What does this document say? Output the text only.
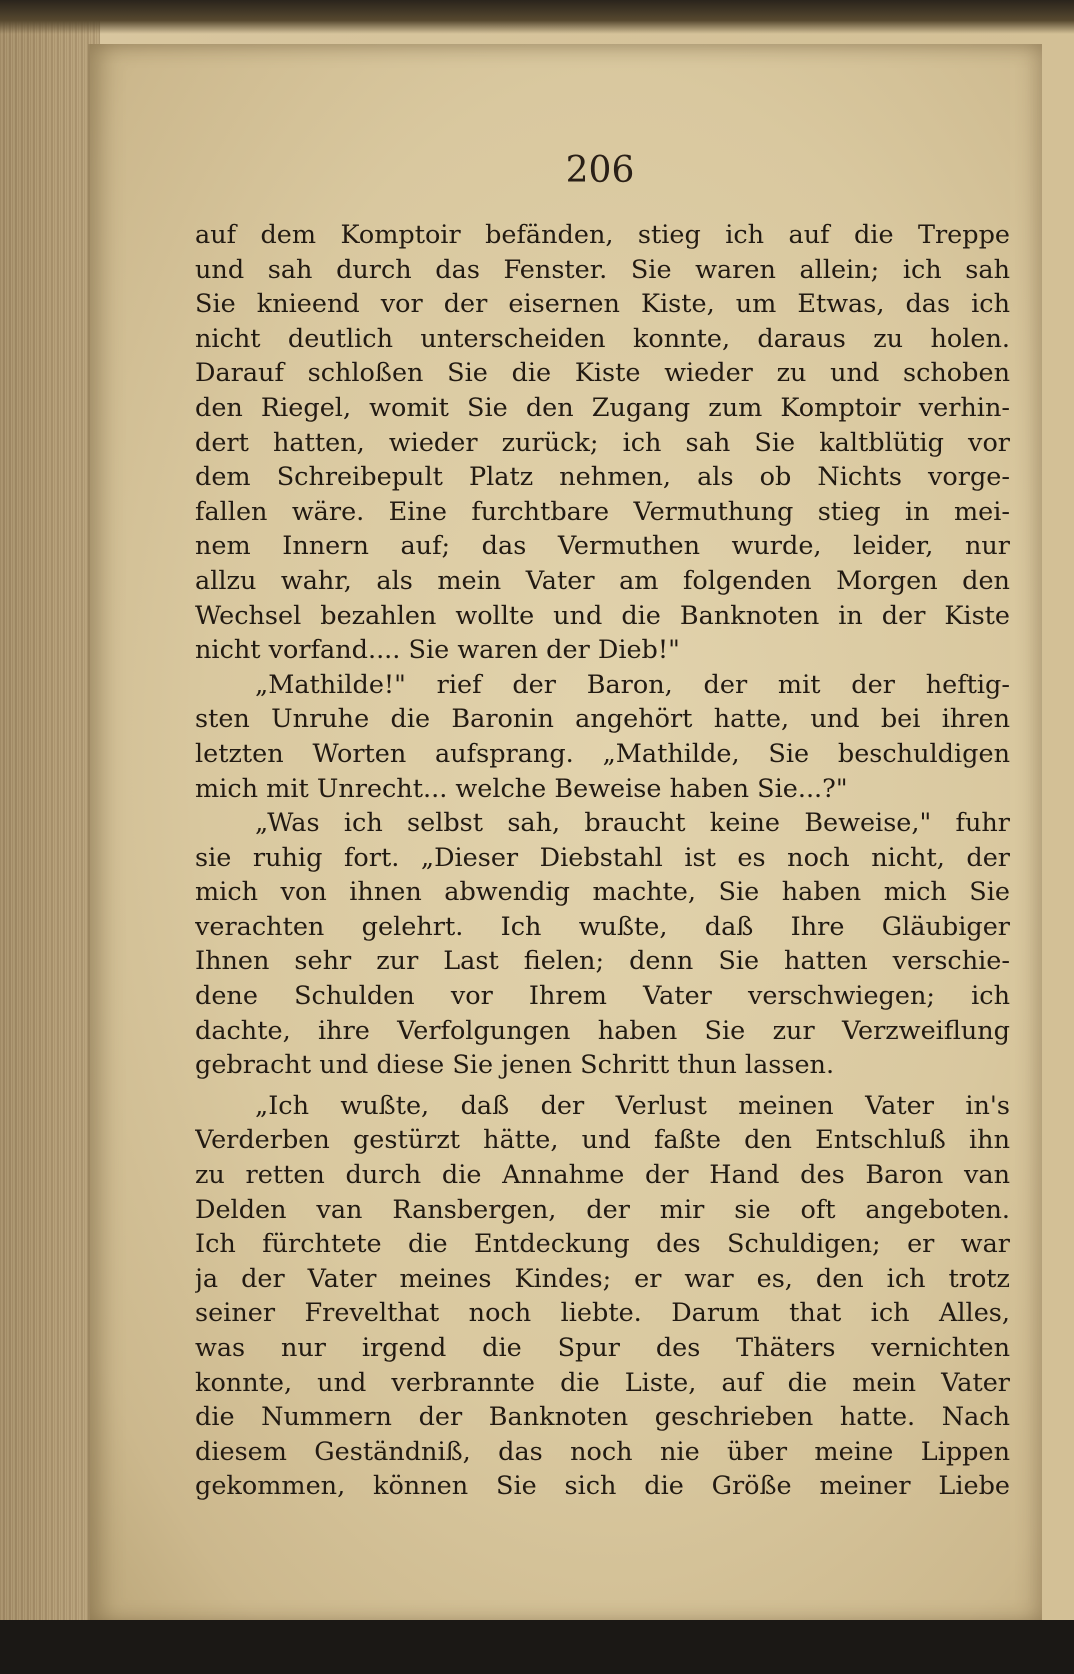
206
auf dem Komptoir befänden, stieg ich auf die Treppe
und sah durch das Fenster. Sie waren allein; ich sah
Sie knieend vor der eisernen Kiste, um Etwas, das ich
nicht deutlich unterscheiden konnte, daraus zu holen.
Darauf schloßen Sie die Kiste wieder zu und schoben
den Riegel, womit Sie den Zugang zum Komptoir verhin-
dert hatten, wieder zurück; ich sah Sie kaltblütig vor
dem Schreibepult Platz nehmen, als ob Nichts vorge-
fallen wäre. Eine furchtbare Vermuthung stieg in mei-
nem Innern auf; das Vermuthen wurde, leider, nur
allzu wahr, als mein Vater am folgenden Morgen den
Wechsel bezahlen wollte und die Banknoten in der Kiste
nicht vorfand.... Sie waren der Dieb!"
„Mathilde!" rief der Baron, der mit der heftig-
sten Unruhe die Baronin angehört hatte, und bei ihren
letzten Worten aufsprang. „Mathilde, Sie beschuldigen
mich mit Unrecht... welche Beweise haben Sie...?"
„Was ich selbst sah, braucht keine Beweise," fuhr
sie ruhig fort. „Dieser Diebstahl ist es noch nicht, der
mich von ihnen abwendig machte, Sie haben mich Sie
verachten gelehrt. Ich wußte, daß Ihre Gläubiger
Ihnen sehr zur Last fielen; denn Sie hatten verschie-
dene Schulden vor Ihrem Vater verschwiegen; ich
dachte, ihre Verfolgungen haben Sie zur Verzweiflung
gebracht und diese Sie jenen Schritt thun lassen.
„Ich wußte, daß der Verlust meinen Vater in's
Verderben gestürzt hätte, und faßte den Entschluß ihn
zu retten durch die Annahme der Hand des Baron van
Delden van Ransbergen, der mir sie oft angeboten.
Ich fürchtete die Entdeckung des Schuldigen; er war
ja der Vater meines Kindes; er war es, den ich trotz
seiner Frevelthat noch liebte. Darum that ich Alles,
was nur irgend die Spur des Thäters vernichten
konnte, und verbrannte die Liste, auf die mein Vater
die Nummern der Banknoten geschrieben hatte. Nach
diesem Geständniß, das noch nie über meine Lippen
gekommen, können Sie sich die Größe meiner Liebe
